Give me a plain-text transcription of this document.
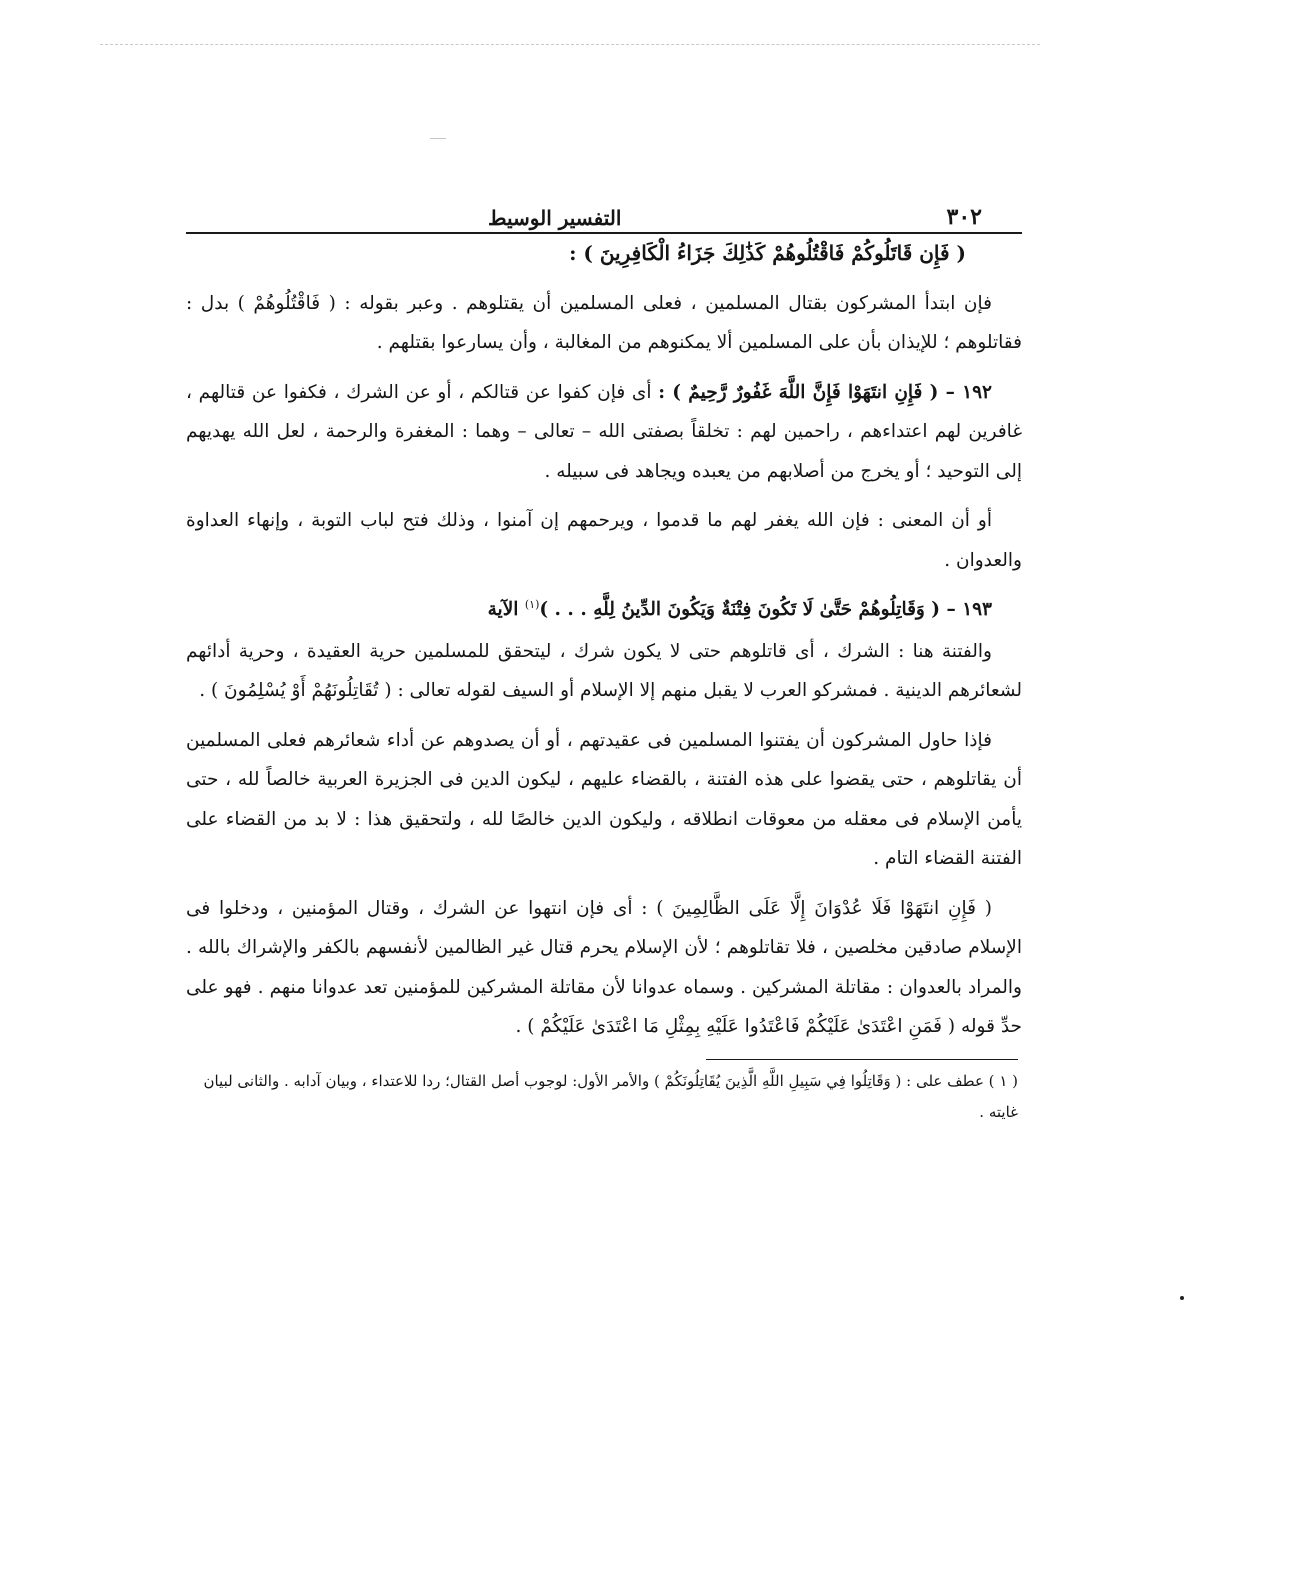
٣٠٢
التفسير الوسيط

( فَإِن قَاتَلُوكُمْ فَاقْتُلُوهُمْ كَذَٰلِكَ جَزَاءُ الْكَافِرِينَ ) :

فإن ابتدأ المشركون بقتال المسلمين ، فعلى المسلمين أن يقتلوهم . وعبر بقوله : ( فَاقْتُلُوهُمْ ) بدل : فقاتلوهم ؛ للإيذان بأن على المسلمين ألا يمكنوهم من المغالبة ، وأن يسارعوا بقتلهم .

١٩٢ – ( فَإِنِ انتَهَوْا فَإِنَّ اللَّهَ غَفُورٌ رَّحِيمٌ ) : أى فإن كفوا عن قتالكم ، أو عن الشرك ، فكفوا عن قتالهم ، غافرين لهم اعتداءهم ، راحمين لهم : تخلقاً بصفتى الله – تعالى – وهما : المغفرة والرحمة ، لعل الله يهديهم إلى التوحيد ؛ أو يخرج من أصلابهم من يعبده ويجاهد فى سبيله .

أو أن المعنى : فإن الله يغفر لهم ما قدموا ، ويرحمهم إن آمنوا ، وذلك فتح لباب التوبة ، وإنهاء العداوة والعدوان .

١٩٣ – ( وَقَاتِلُوهُمْ حَتَّىٰ لَا تَكُونَ فِتْنَةٌ وَيَكُونَ الدِّينُ لِلَّهِ . . . )$^{(١)}$ الآية

والفتنة هنا : الشرك ، أى قاتلوهم حتى لا يكون شرك ، ليتحقق للمسلمين حرية العقيدة ، وحرية أدائهم لشعائرهم الدينية . فمشركو العرب لا يقبل منهم إلا الإسلام أو السيف لقوله تعالى : ( تُقَاتِلُونَهُمْ أَوْ يُسْلِمُونَ ) .

فإذا حاول المشركون أن يفتنوا المسلمين فى عقيدتهم ، أو أن يصدوهم عن أداء شعائرهم فعلى المسلمين أن يقاتلوهم ، حتى يقضوا على هذه الفتنة ، بالقضاء عليهم ، ليكون الدين فى الجزيرة العربية خالصاً لله ، حتى يأمن الإسلام فى معقله من معوقات انطلاقه ، وليكون الدين خالصًا لله ، ولتحقيق هذا : لا بد من القضاء على الفتنة القضاء التام .

( فَإِنِ انتَهَوْا فَلَا عُدْوَانَ إِلَّا عَلَى الظَّالِمِينَ ) : أى فإن انتهوا عن الشرك ، وقتال المؤمنين ، ودخلوا فى الإسلام صادقين مخلصين ، فلا تقاتلوهم ؛ لأن الإسلام يحرم قتال غير الظالمين لأنفسهم بالكفر والإشراك بالله . والمراد بالعدوان : مقاتلة المشركين . وسماه عدوانا لأن مقاتلة المشركين للمؤمنين تعد عدوانا منهم . فهو على حدِّ قوله ( فَمَنِ اعْتَدَىٰ عَلَيْكُمْ فَاعْتَدُوا عَلَيْهِ بِمِثْلِ مَا اعْتَدَىٰ عَلَيْكُمْ ) .

( ١ ) عطف على : ( وَقَاتِلُوا فِي سَبِيلِ اللَّهِ الَّذِينَ يُقَاتِلُونَكُمْ ) والأمر الأول: لوجوب أصل القتال؛ ردا للاعتداء ، وبيان آدابه . والثانى لبيان غايته .
